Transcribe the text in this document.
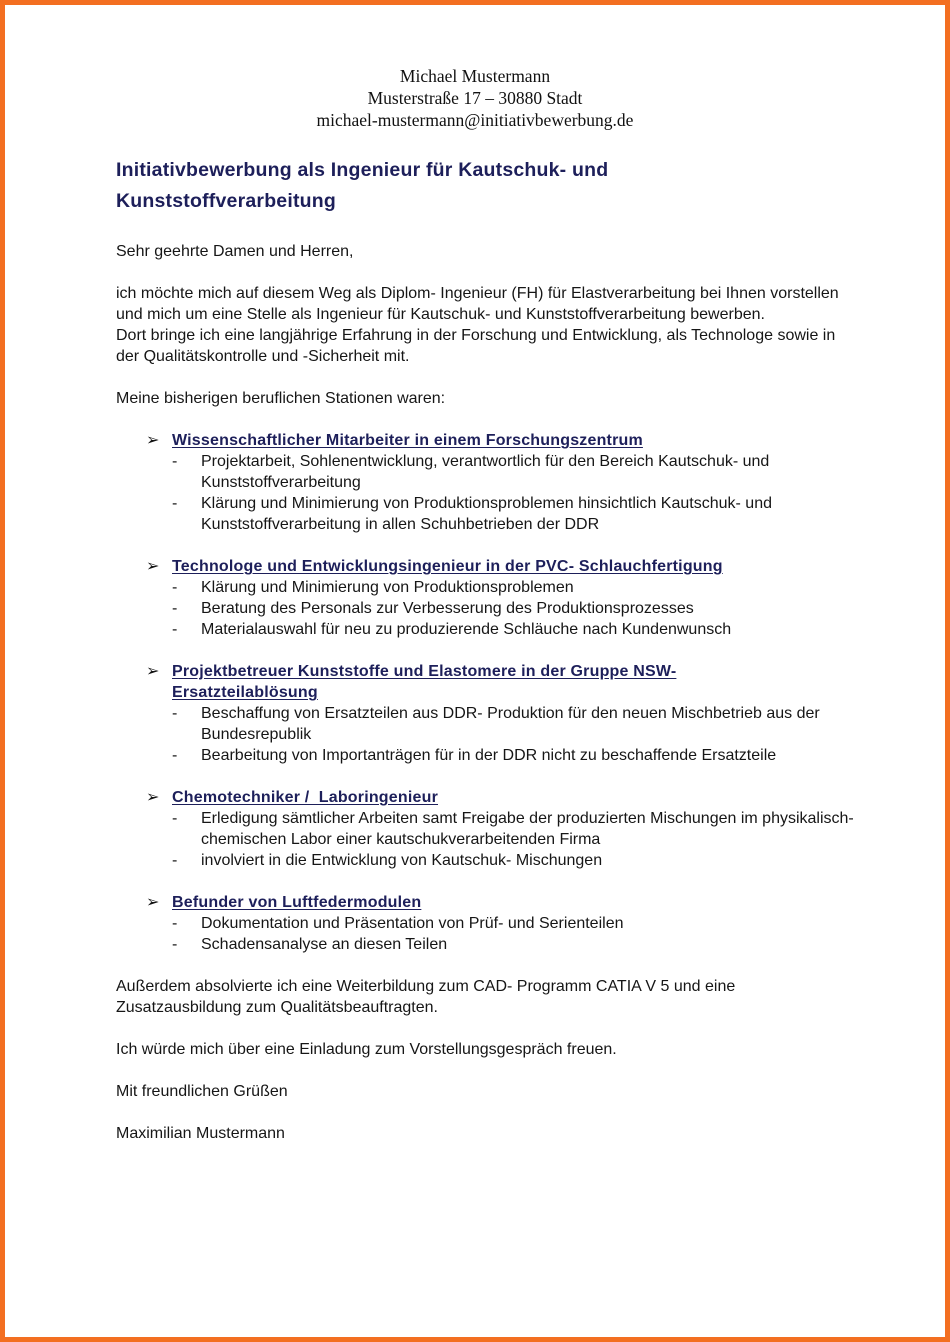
Michael Mustermann
Musterstraße 17 – 30880 Stadt
michael-mustermann@initiativbewerbung.de
Initiativbewerbung als Ingenieur für Kautschuk- und Kunststoffverarbeitung

Sehr geehrte Damen und Herren,

ich möchte mich auf diesem Weg als Diplom- Ingenieur (FH) für Elastverarbeitung bei Ihnen vorstellen und mich um eine Stelle als Ingenieur für Kautschuk- und Kunststoffverarbeitung bewerben.

Dort bringe ich eine langjährige Erfahrung in der Forschung und Entwicklung, als Technologe sowie in der Qualitätskontrolle und -Sicherheit mit.

Meine bisherigen beruflichen Stationen waren:

➢ Wissenschaftlicher Mitarbeiter in einem Forschungszentrum
-	Projektarbeit, Sohlenentwicklung, verantwortlich für den Bereich Kautschuk- und Kunststoffverarbeitung
-	Klärung und Minimierung von Produktionsproblemen hinsichtlich Kautschuk- und Kunststoffverarbeitung in allen Schuhbetrieben der DDR
➢ Technologe und Entwicklungsingenieur in der PVC- Schlauchfertigung
-	Klärung und Minimierung von Produktionsproblemen
-	Beratung des Personals zur Verbesserung des Produktionsprozesses
-	Materialauswahl für neu zu produzierende Schläuche nach Kundenwunsch
➢ Projektbetreuer Kunststoffe und Elastomere in der Gruppe NSW- Ersatzteilablösung
-	Beschaffung von Ersatzteilen aus DDR- Produktion für den neuen Mischbetrieb aus der Bundesrepublik
-	Bearbeitung von Importanträgen für in der DDR nicht zu beschaffende Ersatzteile
➢ Chemotechniker /  Laboringenieur
-	Erledigung sämtlicher Arbeiten samt Freigabe der produzierten Mischungen im physikalisch-chemischen Labor einer kautschukverarbeitenden Firma
-	involviert in die Entwicklung von Kautschuk- Mischungen
➢ Befunder von Luftfedermodulen
-	Dokumentation und Präsentation von Prüf- und Serienteilen
-	Schadensanalyse an diesen Teilen

Außerdem absolvierte ich eine Weiterbildung zum CAD- Programm CATIA V 5 und eine Zusatzausbildung zum Qualitätsbeauftragten.

Ich würde mich über eine Einladung zum Vorstellungsgespräch freuen.

Mit freundlichen Grüßen

Maximilian Mustermann
